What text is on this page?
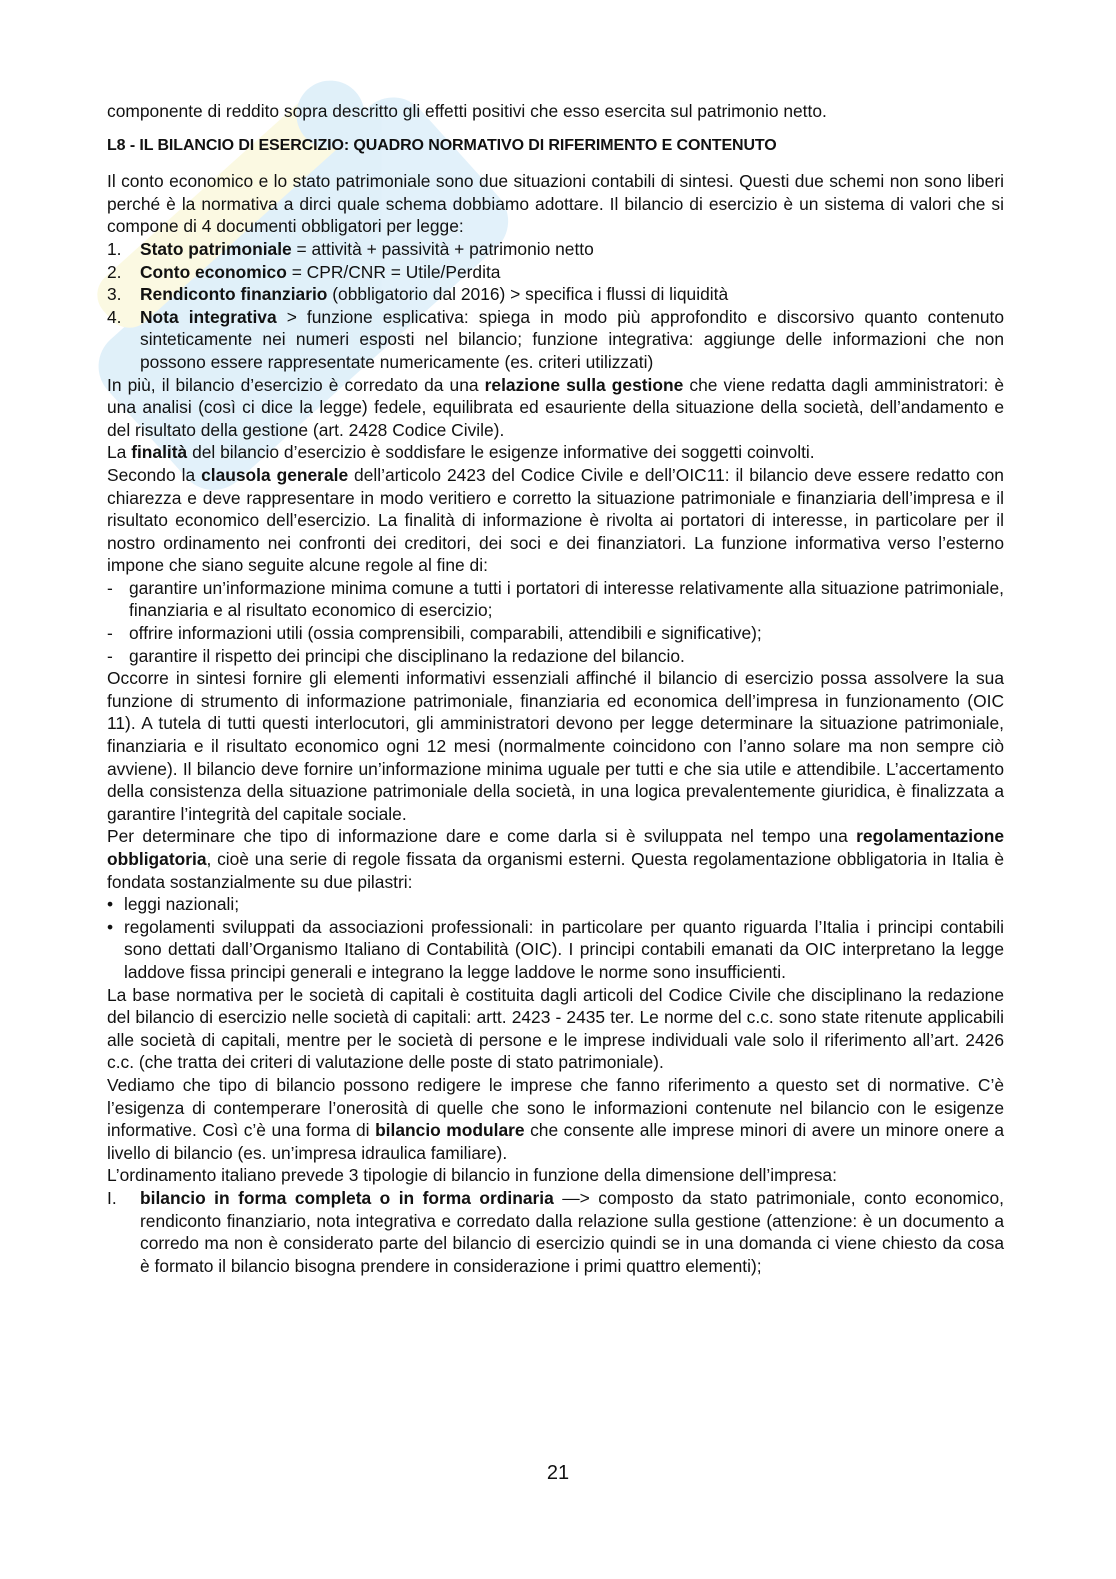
componente di reddito sopra descritto gli effetti positivi che esso esercita sul patrimonio netto.

L8 - IL BILANCIO DI ESERCIZIO: QUADRO NORMATIVO DI RIFERIMENTO E CONTENUTO

Il conto economico e lo stato patrimoniale sono due situazioni contabili di sintesi. Questi due schemi non sono liberi perché è la normativa a dirci quale schema dobbiamo adottare. Il bilancio di esercizio è un sistema di valori che si compone di 4 documenti obbligatori per legge:

1. Stato patrimoniale = attività + passività + patrimonio netto
2. Conto economico = CPR/CNR = Utile/Perdita
3. Rendiconto finanziario (obbligatorio dal 2016) > specifica i flussi di liquidità
4. Nota integrativa > funzione esplicativa: spiega in modo più approfondito e discorsivo quanto contenuto sinteticamente nei numeri esposti nel bilancio; funzione integrativa: aggiunge delle informazioni che non possono essere rappresentate numericamente (es. criteri utilizzati)

In più, il bilancio d’esercizio è corredato da una relazione sulla gestione che viene redatta dagli amministratori: è una analisi (così ci dice la legge) fedele, equilibrata ed esauriente della situazione della società, dell’andamento e del risultato della gestione (art. 2428 Codice Civile).

La finalità del bilancio d’esercizio è soddisfare le esigenze informative dei soggetti coinvolti.

Secondo la clausola generale dell’articolo 2423 del Codice Civile e dell’OIC11: il bilancio deve essere redatto con chiarezza e deve rappresentare in modo veritiero e corretto la situazione patrimoniale e finanziaria dell’impresa e il risultato economico dell’esercizio. La finalità di informazione è rivolta ai portatori di interesse, in particolare per il nostro ordinamento nei confronti dei creditori, dei soci e dei finanziatori. La funzione informativa verso l’esterno impone che siano seguite alcune regole al fine di:

- garantire un’informazione minima comune a tutti i portatori di interesse relativamente alla situazione patrimoniale, finanziaria e al risultato economico di esercizio;
- offrire informazioni utili (ossia comprensibili, comparabili, attendibili e significative);
- garantire il rispetto dei principi che disciplinano la redazione del bilancio.

Occorre in sintesi fornire gli elementi informativi essenziali affinché il bilancio di esercizio possa assolvere la sua funzione di strumento di informazione patrimoniale, finanziaria ed economica dell’impresa in funzionamento (OIC 11). A tutela di tutti questi interlocutori, gli amministratori devono per legge determinare la situazione patrimoniale, finanziaria e il risultato economico ogni 12 mesi (normalmente coincidono con l’anno solare ma non sempre ciò avviene). Il bilancio deve fornire un’informazione minima uguale per tutti e che sia utile e attendibile. L’accertamento della consistenza della situazione patrimoniale della società, in una logica prevalentemente giuridica, è finalizzata a garantire l’integrità del capitale sociale.

Per determinare che tipo di informazione dare e come darla si è sviluppata nel tempo una regolamentazione obbligatoria, cioè una serie di regole fissata da organismi esterni. Questa regolamentazione obbligatoria in Italia è fondata sostanzialmente su due pilastri:

• leggi nazionali;
• regolamenti sviluppati da associazioni professionali: in particolare per quanto riguarda l’Italia i principi contabili sono dettati dall’Organismo Italiano di Contabilità (OIC). I principi contabili emanati da OIC interpretano la legge laddove fissa principi generali e integrano la legge laddove le norme sono insufficienti.

La base normativa per le società di capitali è costituita dagli articoli del Codice Civile che disciplinano la redazione del bilancio di esercizio nelle società di capitali: artt. 2423 - 2435 ter. Le norme del c.c. sono state ritenute applicabili alle società di capitali, mentre per le società di persone e le imprese individuali vale solo il riferimento all’art. 2426 c.c. (che tratta dei criteri di valutazione delle poste di stato patrimoniale).

Vediamo che tipo di bilancio possono redigere le imprese che fanno riferimento a questo set di normative. C’è l’esigenza di contemperare l’onerosità di quelle che sono le informazioni contenute nel bilancio con le esigenze informative. Così c’è una forma di bilancio modulare che consente alle imprese minori di avere un minore onere a livello di bilancio (es. un’impresa idraulica familiare).

L’ordinamento italiano prevede 3 tipologie di bilancio in funzione della dimensione dell’impresa:

I. bilancio in forma completa o in forma ordinaria —> composto da stato patrimoniale, conto economico, rendiconto finanziario, nota integrativa e corredato dalla relazione sulla gestione (attenzione: è un documento a corredo ma non è considerato parte del bilancio di esercizio quindi se in una domanda ci viene chiesto da cosa è formato il bilancio bisogna prendere in considerazione i primi quattro elementi);
21
